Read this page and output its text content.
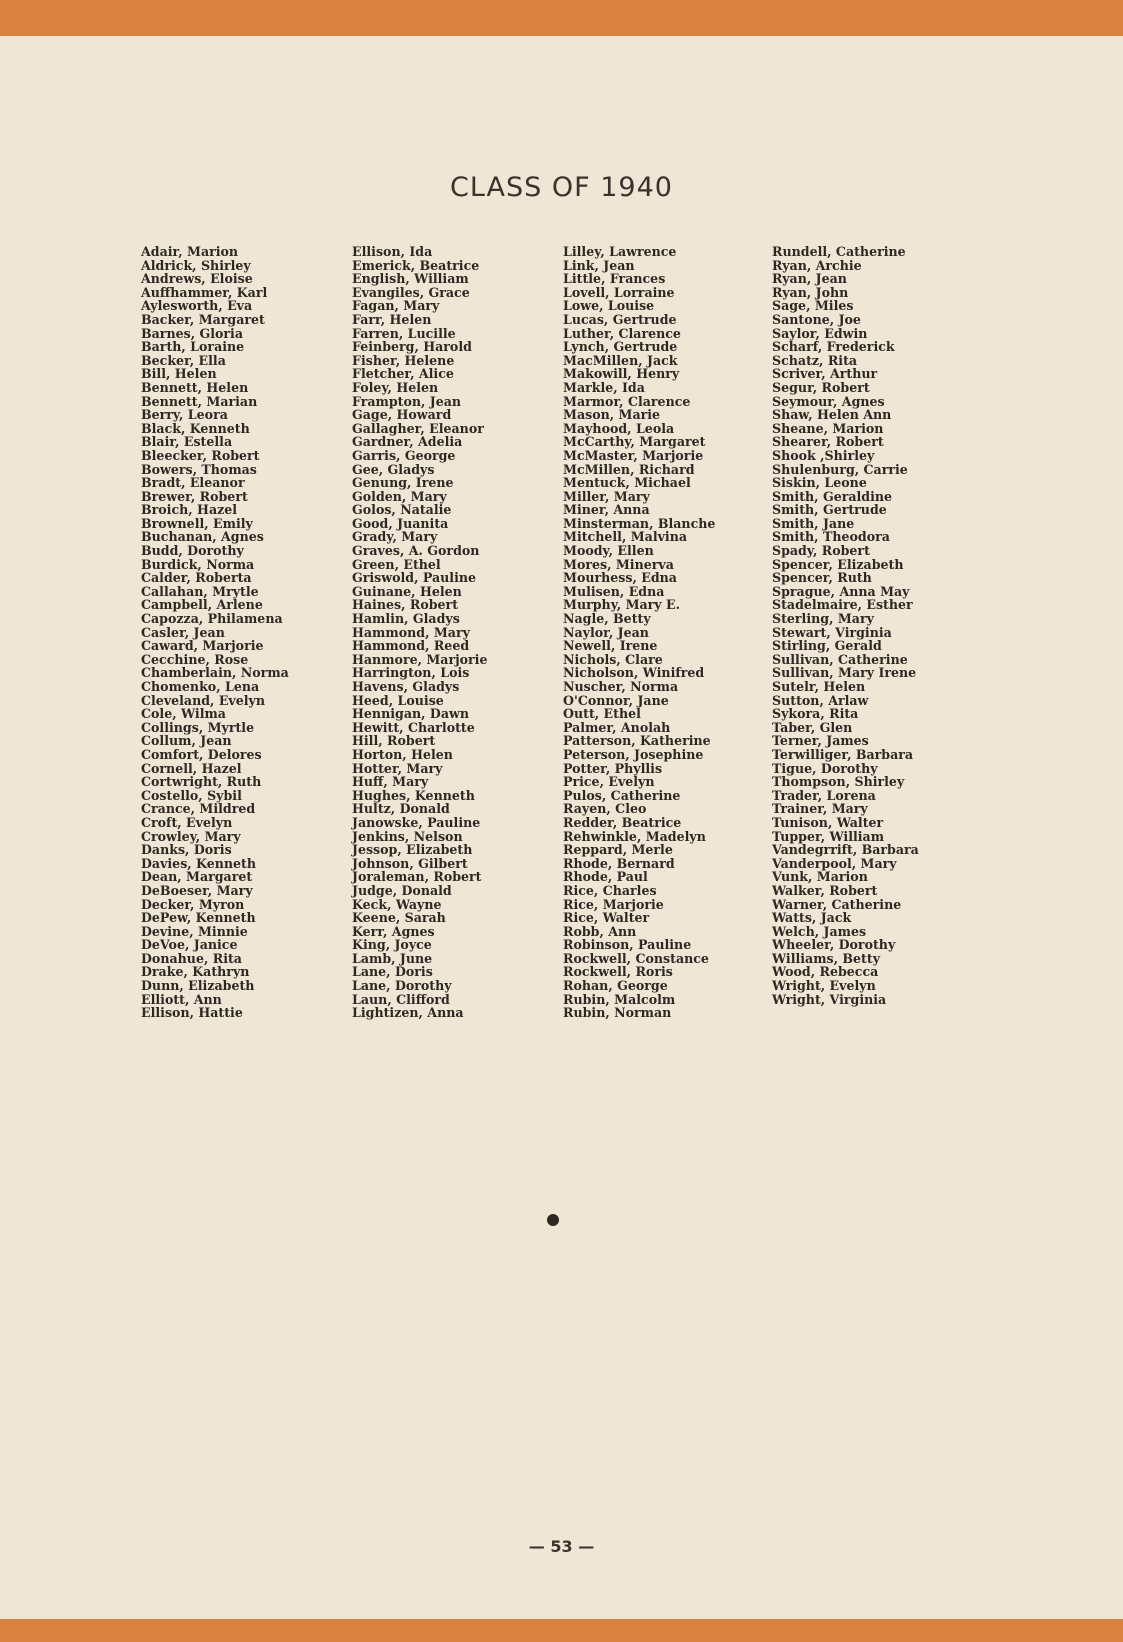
CLASS OF 1940
Adair, Marion
Aldrick, Shirley
Andrews, Eloise
Auffhammer, Karl
Aylesworth, Eva
Backer, Margaret
Barnes, Gloria
Barth, Loraine
Becker, Ella
Bill, Helen
Bennett, Helen
Bennett, Marian
Berry, Leora
Black, Kenneth
Blair, Estella
Bleecker, Robert
Bowers, Thomas
Bradt, Eleanor
Brewer, Robert
Broich, Hazel
Brownell, Emily
Buchanan, Agnes
Budd, Dorothy
Burdick, Norma
Calder, Roberta
Callahan, Mrytle
Campbell, Arlene
Capozza, Philamena
Casler, Jean
Caward, Marjorie
Cecchine, Rose
Chamberlain, Norma
Chomenko, Lena
Cleveland, Evelyn
Cole, Wilma
Collings, Myrtle
Collum, Jean
Comfort, Delores
Cornell, Hazel
Cortwright, Ruth
Costello, Sybil
Crance, Mildred
Croft, Evelyn
Crowley, Mary
Danks, Doris
Davies, Kenneth
Dean, Margaret
DeBoeser, Mary
Decker, Myron
DePew, Kenneth
Devine, Minnie
DeVoe, Janice
Donahue, Rita
Drake, Kathryn
Dunn, Elizabeth
Elliott, Ann
Ellison, Hattie
Ellison, Ida
Emerick, Beatrice
English, William
Evangiles, Grace
Fagan, Mary
Farr, Helen
Farren, Lucille
Feinberg, Harold
Fisher, Helene
Fletcher, Alice
Foley, Helen
Frampton, Jean
Gage, Howard
Gallagher, Eleanor
Gardner, Adelia
Garris, George
Gee, Gladys
Genung, Irene
Golden, Mary
Golos, Natalie
Good, Juanita
Grady, Mary
Graves, A. Gordon
Green, Ethel
Griswold, Pauline
Guinane, Helen
Haines, Robert
Hamlin, Gladys
Hammond, Mary
Hammond, Reed
Hanmore, Marjorie
Harrington, Lois
Havens, Gladys
Heed, Louise
Hennigan, Dawn
Hewitt, Charlotte
Hill, Robert
Horton, Helen
Hotter, Mary
Huff, Mary
Hughes, Kenneth
Hultz, Donald
Janowske, Pauline
Jenkins, Nelson
Jessop, Elizabeth
Johnson, Gilbert
Joraleman, Robert
Judge, Donald
Keck, Wayne
Keene, Sarah
Kerr, Agnes
King, Joyce
Lamb, June
Lane, Doris
Lane, Dorothy
Laun, Clifford
Lightizen, Anna
Lilley, Lawrence
Link, Jean
Little, Frances
Lovell, Lorraine
Lowe, Louise
Lucas, Gertrude
Luther, Clarence
Lynch, Gertrude
MacMillen, Jack
Makowill, Henry
Markle, Ida
Marmor, Clarence
Mason, Marie
Mayhood, Leola
McCarthy, Margaret
McMaster, Marjorie
McMillen, Richard
Mentuck, Michael
Miller, Mary
Miner, Anna
Minsterman, Blanche
Mitchell, Malvina
Moody, Ellen
Mores, Minerva
Mourhess, Edna
Mulisen, Edna
Murphy, Mary E.
Nagle, Betty
Naylor, Jean
Newell, Irene
Nichols, Clare
Nicholson, Winifred
Nuscher, Norma
O'Connor, Jane
Outt, Ethel
Palmer, Anolah
Patterson, Katherine
Peterson, Josephine
Potter, Phyllis
Price, Evelyn
Pulos, Catherine
Rayen, Cleo
Redder, Beatrice
Rehwinkle, Madelyn
Reppard, Merle
Rhode, Bernard
Rhode, Paul
Rice, Charles
Rice, Marjorie
Rice, Walter
Robb, Ann
Robinson, Pauline
Rockwell, Constance
Rockwell, Roris
Rohan, George
Rubin, Malcolm
Rubin, Norman
Rundell, Catherine
Ryan, Archie
Ryan, Jean
Ryan, John
Sage, Miles
Santone, Joe
Saylor, Edwin
Scharf, Frederick
Schatz, Rita
Scriver, Arthur
Segur, Robert
Seymour, Agnes
Shaw, Helen Ann
Sheane, Marion
Shearer, Robert
Shook ,Shirley
Shulenburg, Carrie
Siskin, Leone
Smith, Geraldine
Smith, Gertrude
Smith, Jane
Smith, Theodora
Spady, Robert
Spencer, Elizabeth
Spencer, Ruth
Sprague, Anna May
Stadelmaire, Esther
Sterling, Mary
Stewart, Virginia
Stirling, Gerald
Sullivan, Catherine
Sullivan, Mary Irene
Sutelr, Helen
Sutton, Arlaw
Sykora, Rita
Taber, Glen
Terner, James
Terwilliger, Barbara
Tigue, Dorothy
Thompson, Shirley
Trader, Lorena
Trainer, Mary
Tunison, Walter
Tupper, William
Vandegrrift, Barbara
Vanderpool, Mary
Vunk, Marion
Walker, Robert
Warner, Catherine
Watts, Jack
Welch, James
Wheeler, Dorothy
Williams, Betty
Wood, Rebecca
Wright, Evelyn
Wright, Virginia
— 53 —
